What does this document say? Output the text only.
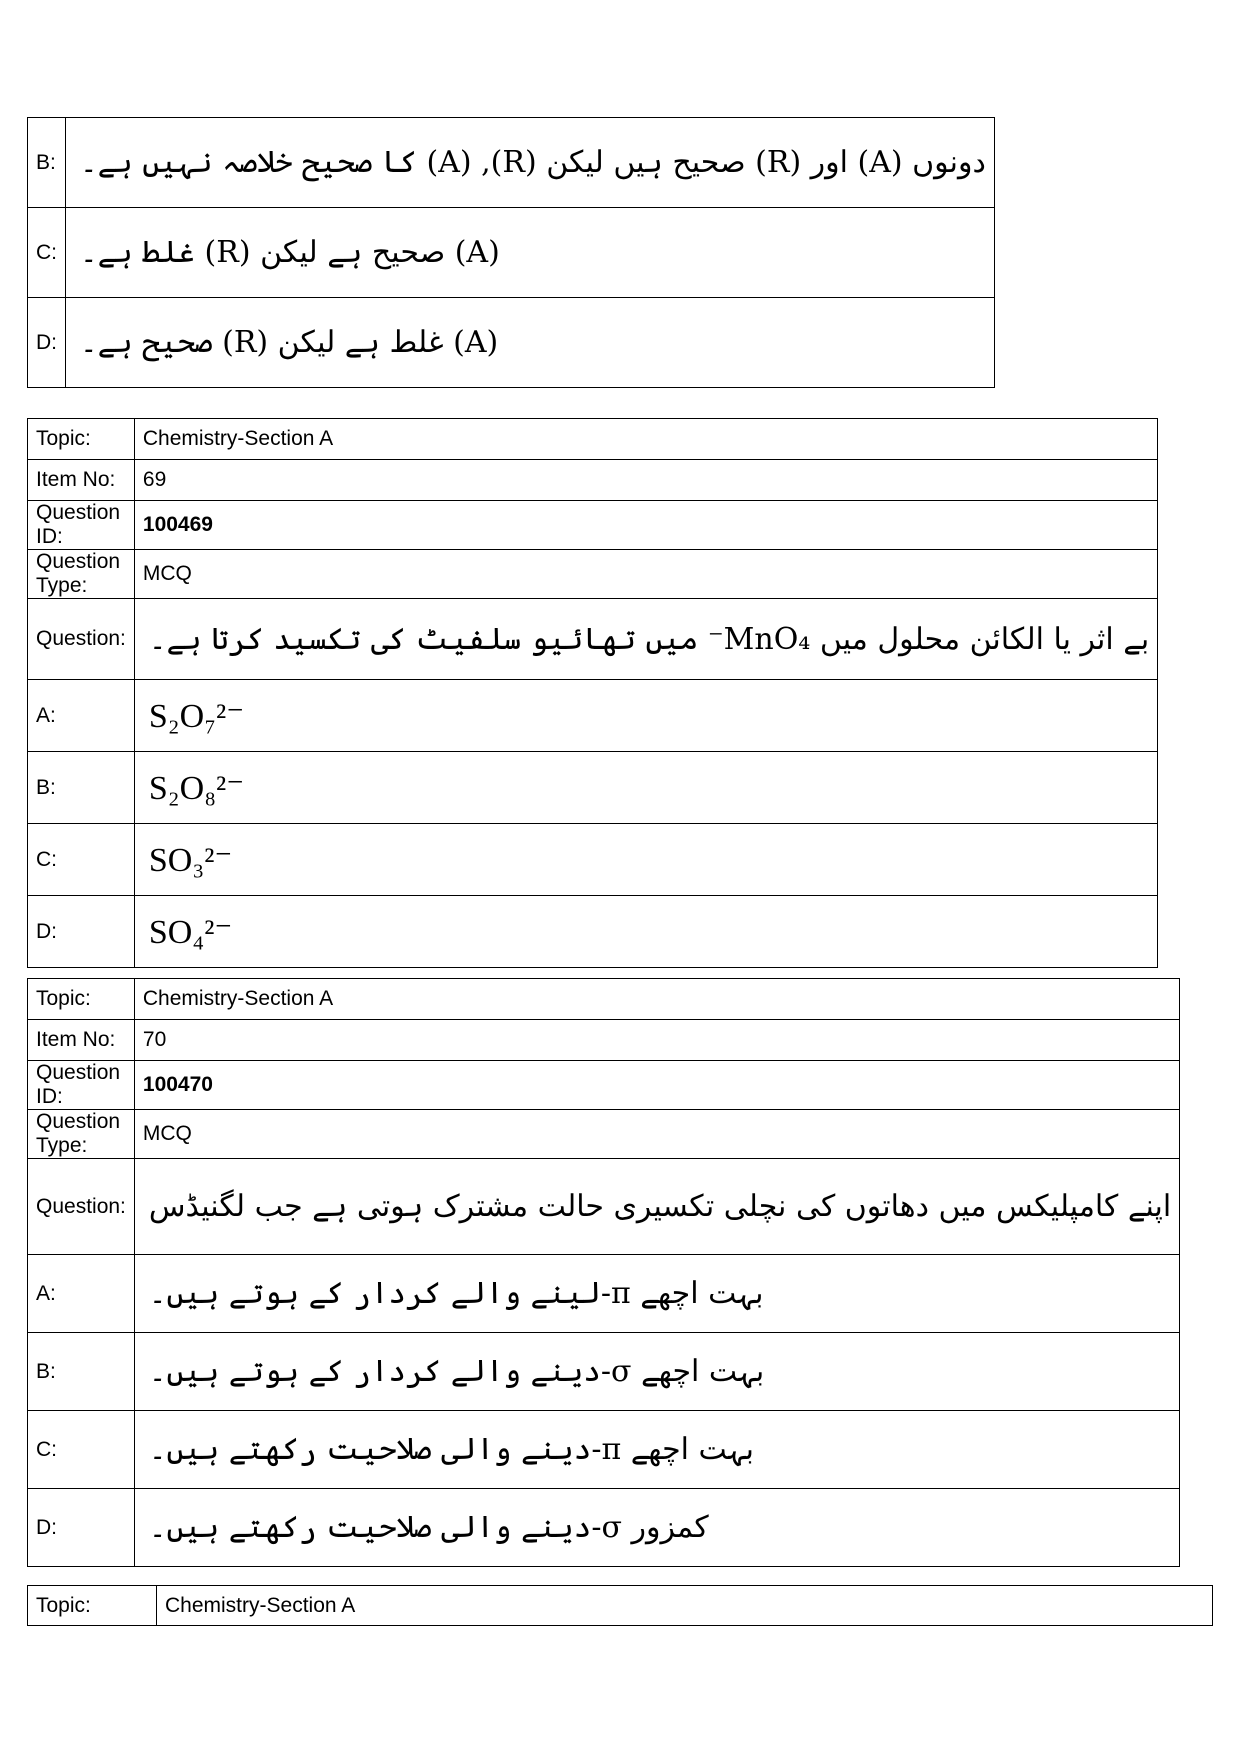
B:	دونوں (A) اور (R) صحیح ہیں لیکن (R), (A) کا صحیح خلاصہ نہیں ہے۔
C:	(A) صحیح ہے لیکن (R) غلط ہے۔
D:	(A) غلط ہے لیکن (R) صحیح ہے۔
Topic:	Chemistry-Section A
Item No:	69
Question ID:	100469
Question Type:	MCQ
Question:	بے اثر یا الکائن محلول میں MnO₄⁻ میں تھائیو سلفیٹ کی تکسید کرتا ہے۔
A:	S₂O₇²⁻
B:	S₂O₈²⁻
C:	SO₃²⁻
D:	SO₄²⁻
Topic:	Chemistry-Section A
Item No:	70
Question ID:	100470
Question Type:	MCQ
Question:	اپنے کامپلیکس میں دھاتوں کی نچلی تکسیری حالت مشترک ہوتی ہے جب لگنیڈس
A:	بہت اچھے π-لینے والے کردار کے ہوتے ہیں۔
B:	بہت اچھے σ-دینے والے کردار کے ہوتے ہیں۔
C:	بہت اچھے π-دینے والی صلاحیت رکھتے ہیں۔
D:	کمزور σ-دینے والی صلاحیت رکھتے ہیں۔
Topic:	Chemistry-Section A
